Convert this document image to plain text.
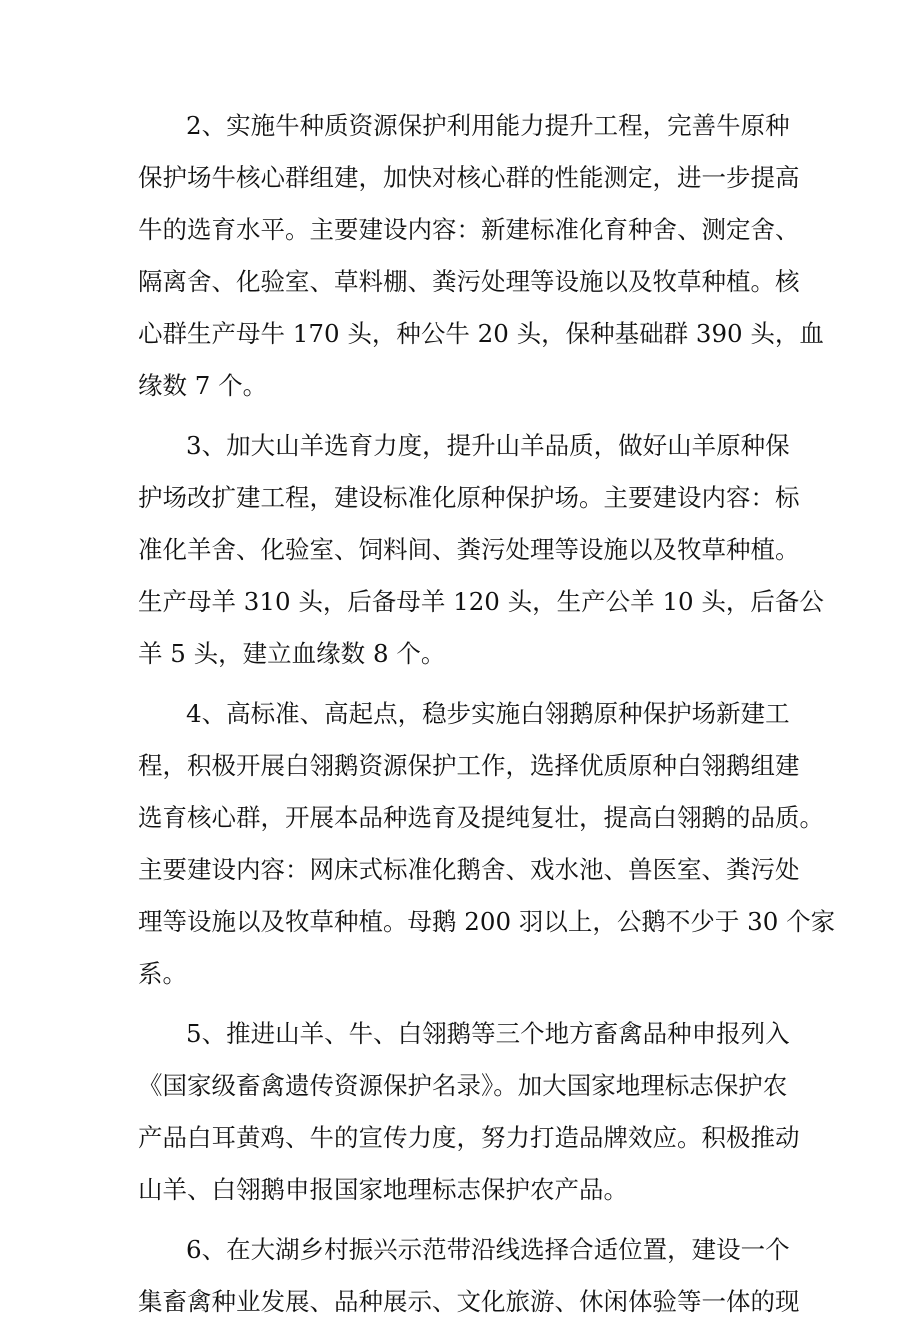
2、实施牛种质资源保护利用能力提升工程，完善牛原种
保护场牛核心群组建，加快对核心群的性能测定，进一步提高
牛的选育水平。主要建设内容：新建标准化育种舍、测定舍、
隔离舍、化验室、草料棚、粪污处理等设施以及牧草种植。核
心群生产母牛 170 头，种公牛 20 头，保种基础群 390 头，血
缘数 7 个。
3、加大山羊选育力度，提升山羊品质，做好山羊原种保
护场改扩建工程，建设标准化原种保护场。主要建设内容：标
准化羊舍、化验室、饲料间、粪污处理等设施以及牧草种植。
生产母羊 310 头，后备母羊 120 头，生产公羊 10 头，后备公
羊 5 头，建立血缘数 8 个。
4、高标准、高起点，稳步实施白翎鹅原种保护场新建工
程，积极开展白翎鹅资源保护工作，选择优质原种白翎鹅组建
选育核心群，开展本品种选育及提纯复壮，提高白翎鹅的品质。
主要建设内容：网床式标准化鹅舍、戏水池、兽医室、粪污处
理等设施以及牧草种植。母鹅 200 羽以上，公鹅不少于 30 个家
系。
5、推进山羊、牛、白翎鹅等三个地方畜禽品种申报列入
《国家级畜禽遗传资源保护名录》。加大国家地理标志保护农
产品白耳黄鸡、牛的宣传力度，努力打造品牌效应。积极推动
山羊、白翎鹅申报国家地理标志保护农产品。
6、在大湖乡村振兴示范带沿线选择合适位置，建设一个
集畜禽种业发展、品种展示、文化旅游、休闲体验等一体的现
